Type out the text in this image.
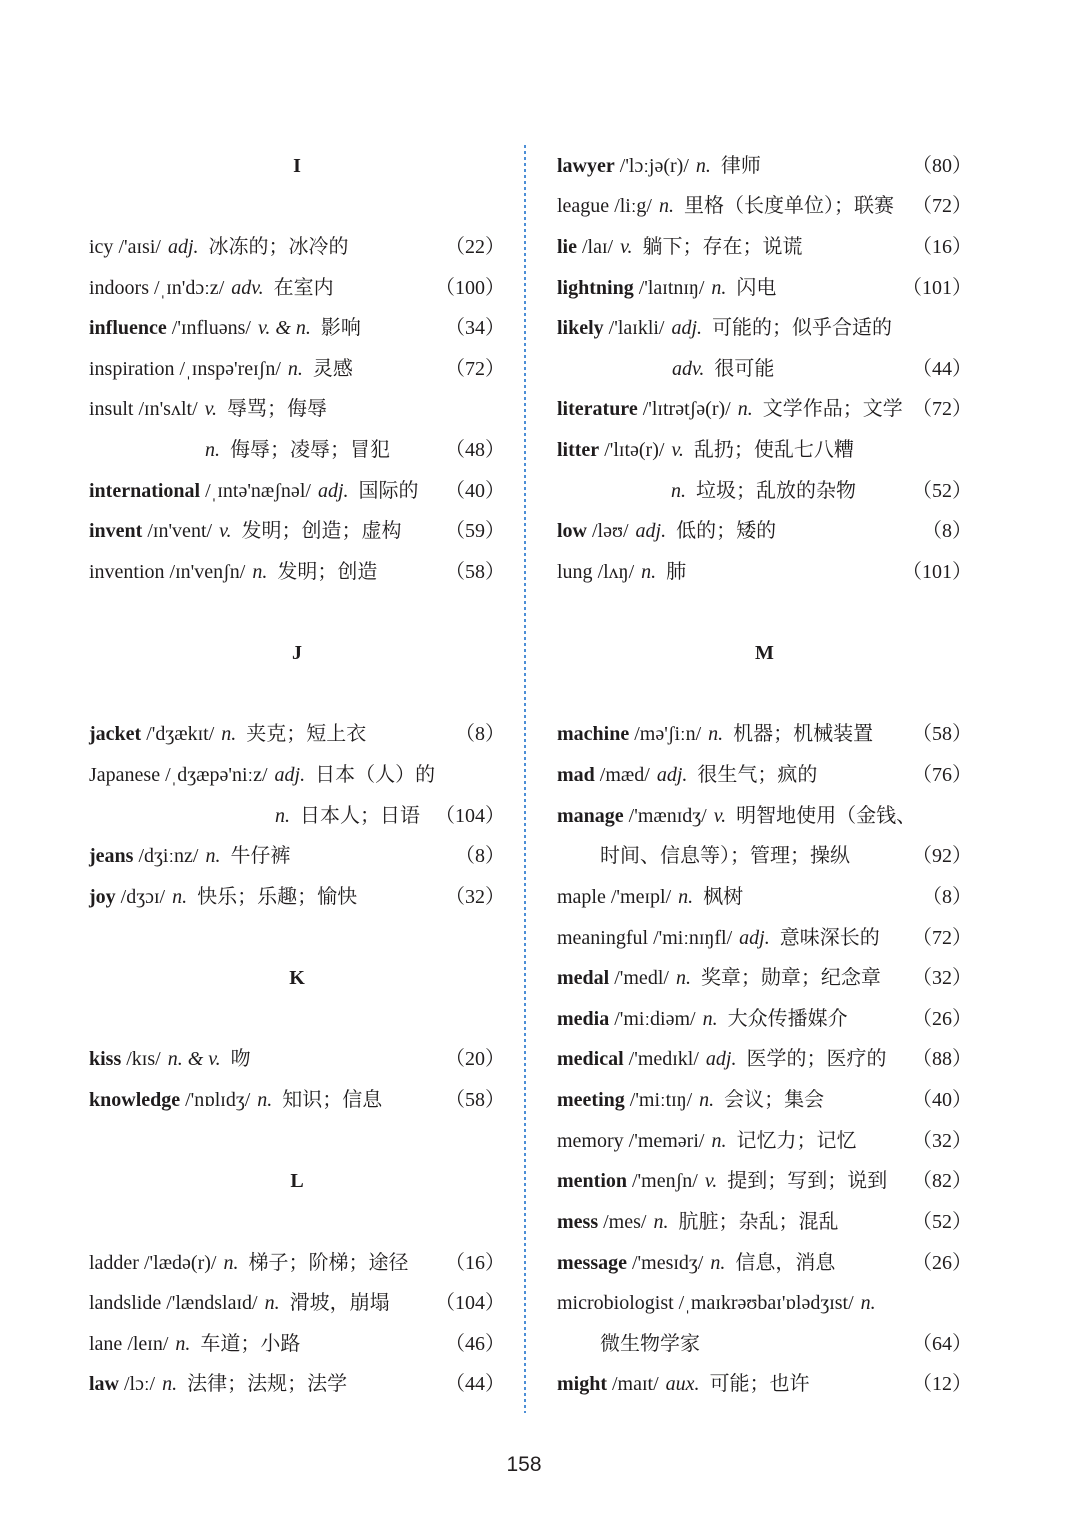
I
icy /'aɪsi/ adj. 冰冻的；冰冷的	（22）
indoors /ˌɪn'dɔːz/ adv. 在室内	（100）
influence /'ɪnfluəns/ v. & n. 影响	（34）
inspiration /ˌɪnspə'reɪʃn/ n. 灵感	（72）
insult /ɪn'sʌlt/ v. 辱骂；侮辱
n. 侮辱；凌辱；冒犯	（48）
international /ˌɪntə'næʃnəl/ adj. 国际的 （40）
invent /ɪn'vent/ v. 发明；创造；虚构 （59）
invention /ɪn'venʃn/ n. 发明；创造	（58）
J
jacket /'dʒækɪt/ n. 夹克；短上衣	（8）
Japanese /ˌdʒæpə'niːz/ adj. 日本（人）的
n. 日本人；日语 （104）
jeans /dʒiːnz/ n. 牛仔裤	（8）
joy /dʒɔɪ/ n. 快乐；乐趣；愉快	（32）
K
kiss /kɪs/ n. & v. 吻	（20）
knowledge /'nɒlɪdʒ/ n. 知识；信息	（58）
L
ladder /'lædə(r)/ n. 梯子；阶梯；途径 （16）
landslide /'lændslaɪd/ n. 滑坡，崩塌 （104）
lane /leɪn/ n. 车道；小路	（46）
law /lɔː/ n. 法律；法规；法学	（44）
lawyer /'lɔːjə(r)/ n. 律师	（80）
league /liːg/ n. 里格（长度单位）；联赛 （72）
lie /laɪ/ v. 躺下；存在；说谎	（16）
lightning /'laɪtnɪŋ/ n. 闪电	（101）
likely /'laɪkli/ adj. 可能的；似乎合适的
adv. 很可能	（44）
literature /'lɪtrətʃə(r)/ n. 文学作品；文学 （72）
litter /'lɪtə(r)/ v. 乱扔；使乱七八糟
n. 垃圾；乱放的杂物	（52）
low /ləʊ/ adj. 低的；矮的	（8）
lung /lʌŋ/ n. 肺	（101）
M
machine /mə'ʃiːn/ n. 机器；机械装置 （58）
mad /mæd/ adj. 很生气；疯的	（76）
manage /'mænɪdʒ/ v. 明智地使用（金钱、
时间、信息等）；管理；操纵	（92）
maple /'meɪpl/ n. 枫树	（8）
meaningful /'miːnɪŋfl/ adj. 意味深长的 （72）
medal /'medl/ n. 奖章；勋章；纪念章 （32）
media /'miːdiəm/ n. 大众传播媒介	（26）
medical /'medɪkl/ adj. 医学的；医疗的 （88）
meeting /'miːtɪŋ/ n. 会议；集会	（40）
memory /'meməri/ n. 记忆力；记忆	（32）
mention /'menʃn/ v. 提到；写到；说到 （82）
mess /mes/ n. 肮脏；杂乱；混乱	（52）
message /'mesɪdʒ/ n. 信息，消息	（26）
microbiologist /ˌmaɪkrəʊbaɪ'ɒlədʒɪst/ n.
微生物学家	（64）
might /maɪt/ aux. 可能；也许	（12）
158
